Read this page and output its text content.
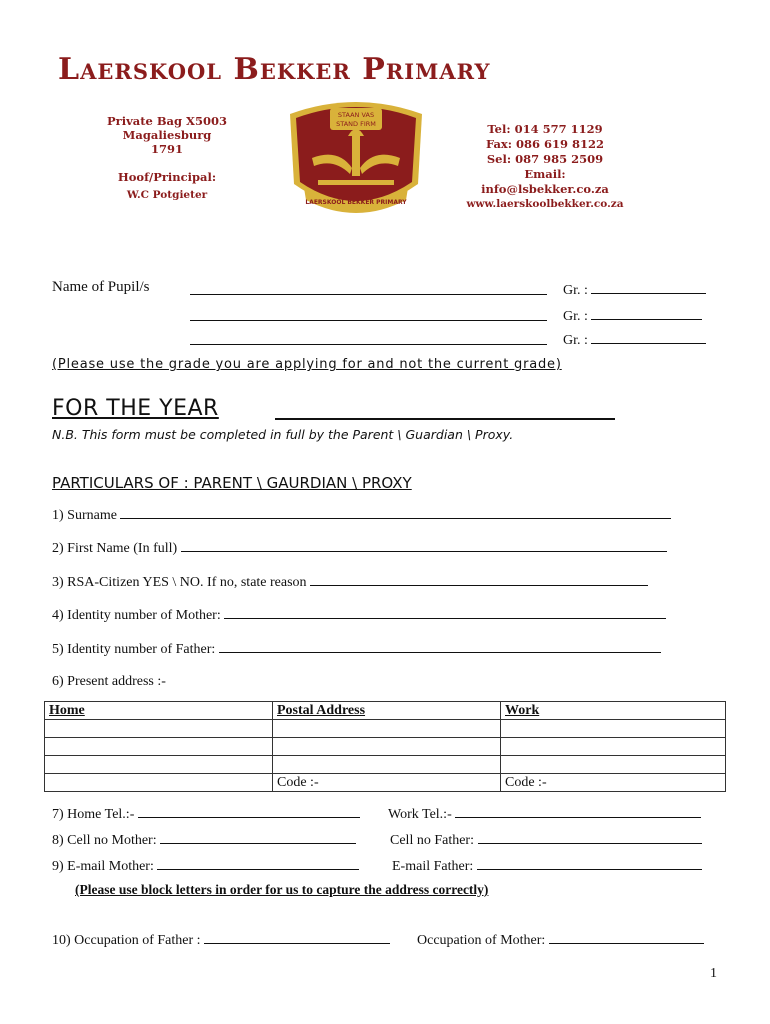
Laerskool Bekker Primary
Private Bag X5003
Magaliesburg
1791
Hoof/Principal:
W.C Potgieter
STAAN VAS
STAND FIRM
LAERSKOOL BEKKER PRIMARY
Tel: 014 577 1129
Fax: 086 619 8122
Sel: 087 985 2509
Email: info@lsbekker.co.za
www.laerskoolbekker.co.za
Name of Pupil/s	Gr. :
Gr. :
Gr. :
(Please use the grade you are applying for and not the current grade)
FOR THE YEAR
N.B. This form must be completed in full by the Parent \ Guardian \ Proxy.
PARTICULARS OF : PARENT \ GAURDIAN \ PROXY
1) Surname
2) First Name (In full)
3) RSA-Citizen YES \ NO. If no, state reason
4) Identity number of Mother:
5) Identity number of Father:
6) Present address :-
Home	Postal Address	Work

	Code :-	Code :-
7) Home Tel.:-	Work Tel.:-
8) Cell no Mother:	Cell no Father:
9) E-mail Mother:	E-mail Father:
(Please use block letters in order for us to capture the address correctly)
10) Occupation of Father :	Occupation of Mother:
1
